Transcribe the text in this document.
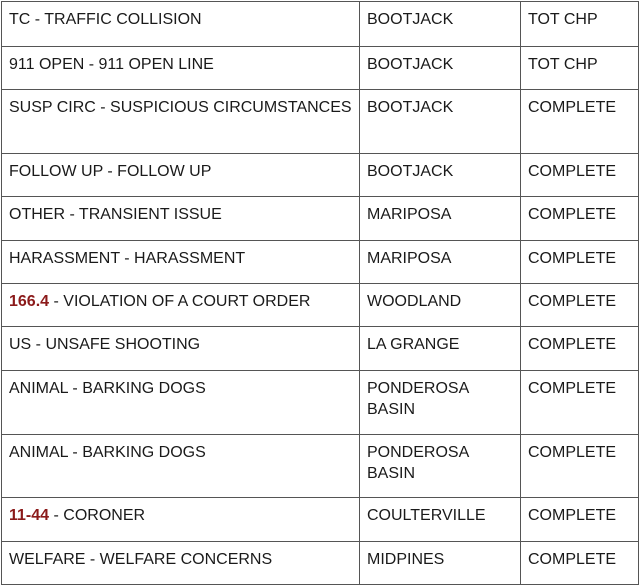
TC - TRAFFIC COLLISION	BOOTJACK	TOT CHP
911 OPEN - 911 OPEN LINE	BOOTJACK	TOT CHP
SUSP CIRC - SUSPICIOUS CIRCUMSTANCES	BOOTJACK	COMPLETE
FOLLOW UP - FOLLOW UP	BOOTJACK	COMPLETE
OTHER - TRANSIENT ISSUE	MARIPOSA	COMPLETE
HARASSMENT - HARASSMENT	MARIPOSA	COMPLETE
166.4 - VIOLATION OF A COURT ORDER	WOODLAND	COMPLETE
US - UNSAFE SHOOTING	LA GRANGE	COMPLETE
ANIMAL - BARKING DOGS	PONDEROSA BASIN	COMPLETE
ANIMAL - BARKING DOGS	PONDEROSA BASIN	COMPLETE
11-44 - CORONER	COULTERVILLE	COMPLETE
WELFARE - WELFARE CONCERNS	MIDPINES	COMPLETE
